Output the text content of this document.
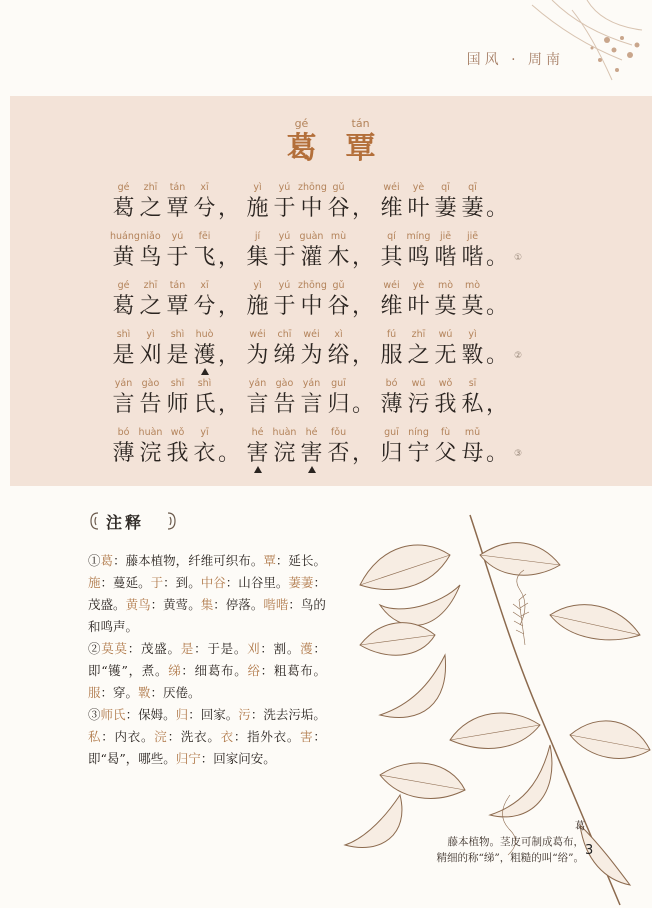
国风 · 周南
gé
葛

tán
覃
gé
葛
zhī
之
tán
覃
xī
兮 ，
yì
施
yú
于
zhōng
中
gǔ
谷 ，
wéi
维
yè
叶
qī
萋
qī
萋 。
huáng
黄
niǎo
鸟
yú
于
fēi
飞 ，
jí
集
yú
于
guàn
灌
mù
木 ，
qí
其
míng
鸣
jiē
喈
jiē
喈 。 ①
gé
葛
zhī
之
tán
覃
xī
兮 ，
yì
施
yú
于
zhōng
中
gǔ
谷 ，
wéi
维
yè
叶
mò
莫
mò
莫 。
shì
是
yì
刈
shì
是
huò
濩 ，
wéi
为
chī
绨
wéi
为
xì
绤 ，
fú
服
zhī
之
wú
无
yì
斁 。 ②
yán
言
gào
告
shī
师
shì
氏 ，
yán
言
gào
告
yán
言
guī
归 。
bó
薄
wū
污
wǒ
我
sī
私 ，
bó
薄
huàn
浣
wǒ
我
yī
衣 。
hé
害
huàn
浣
hé
害
fǒu
否 ，
guī
归
níng
宁
fù
父
mǔ
母 。 ③
注释

①葛：藤本植物，纤维可织布。覃：延长。施：蔓延。于：到。中谷：山谷里。萋萋：茂盛。黄鸟：黄莺。集：停落。喈喈：鸟的和鸣声。

②莫莫：茂盛。是：于是。刈：割。濩：即“镬”，煮。绨：细葛布。绤：粗葛布。服：穿。斁：厌倦。

③师氏：保姆。归：回家。污：洗去污垢。私：内衣。浣：洗衣。衣：指外衣。害：即“曷”，哪些。归宁：回家问安。

葛
藤本植物。茎皮可制成葛布，
精细的称“绨”，粗糙的叫“绤”。 3
